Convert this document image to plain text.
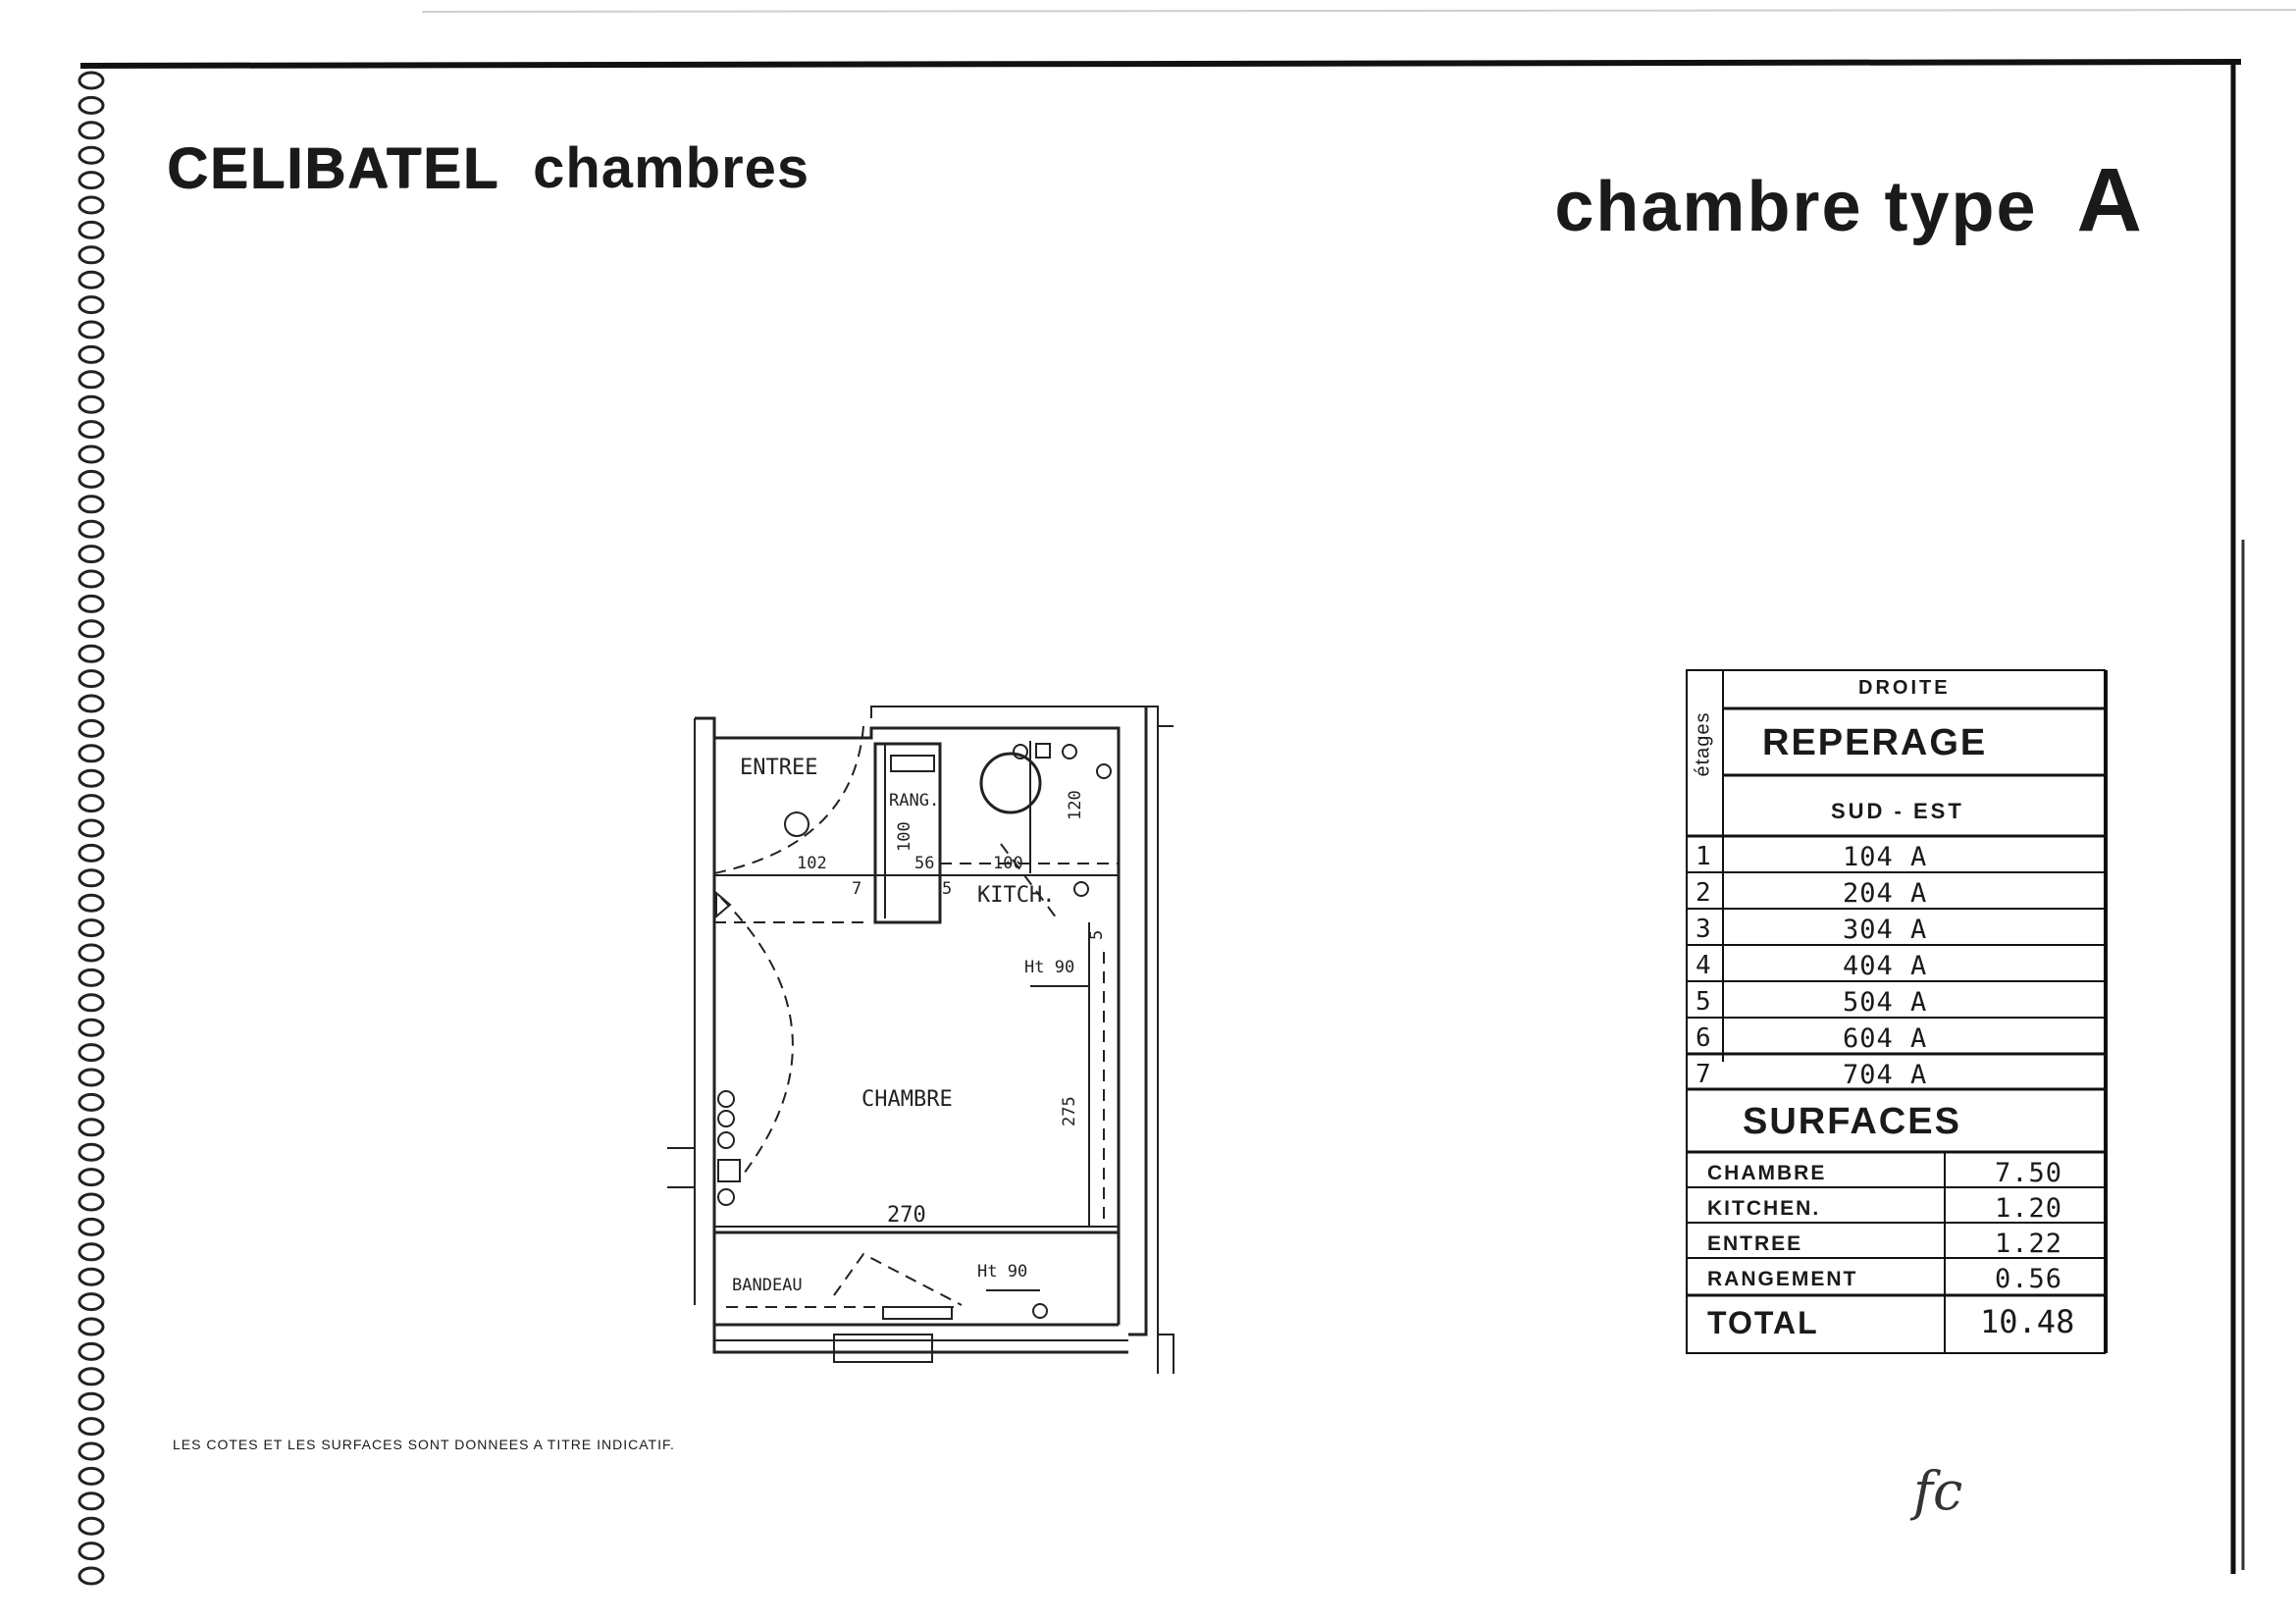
CELIBATEL chambres	chambre type A
ENTREE
RANG.
KITCH.
CHAMBRE
BANDEAU
102
7
56
5
100
100
120
5
275
270
Ht 90
Ht 90
DROITE
REPERAGE
SUD - EST
étages
1	104 A
2	204 A
3	304 A
4	404 A
5	504 A
6	604 A
7	704 A
SURFACES
CHAMBRE	7.50
KITCHEN.	1.20
ENTREE	1.22
RANGEMENT	0.56
TOTAL	10.48
LES COTES ET LES SURFACES SONT DONNEES A TITRE INDICATIF.
fc
